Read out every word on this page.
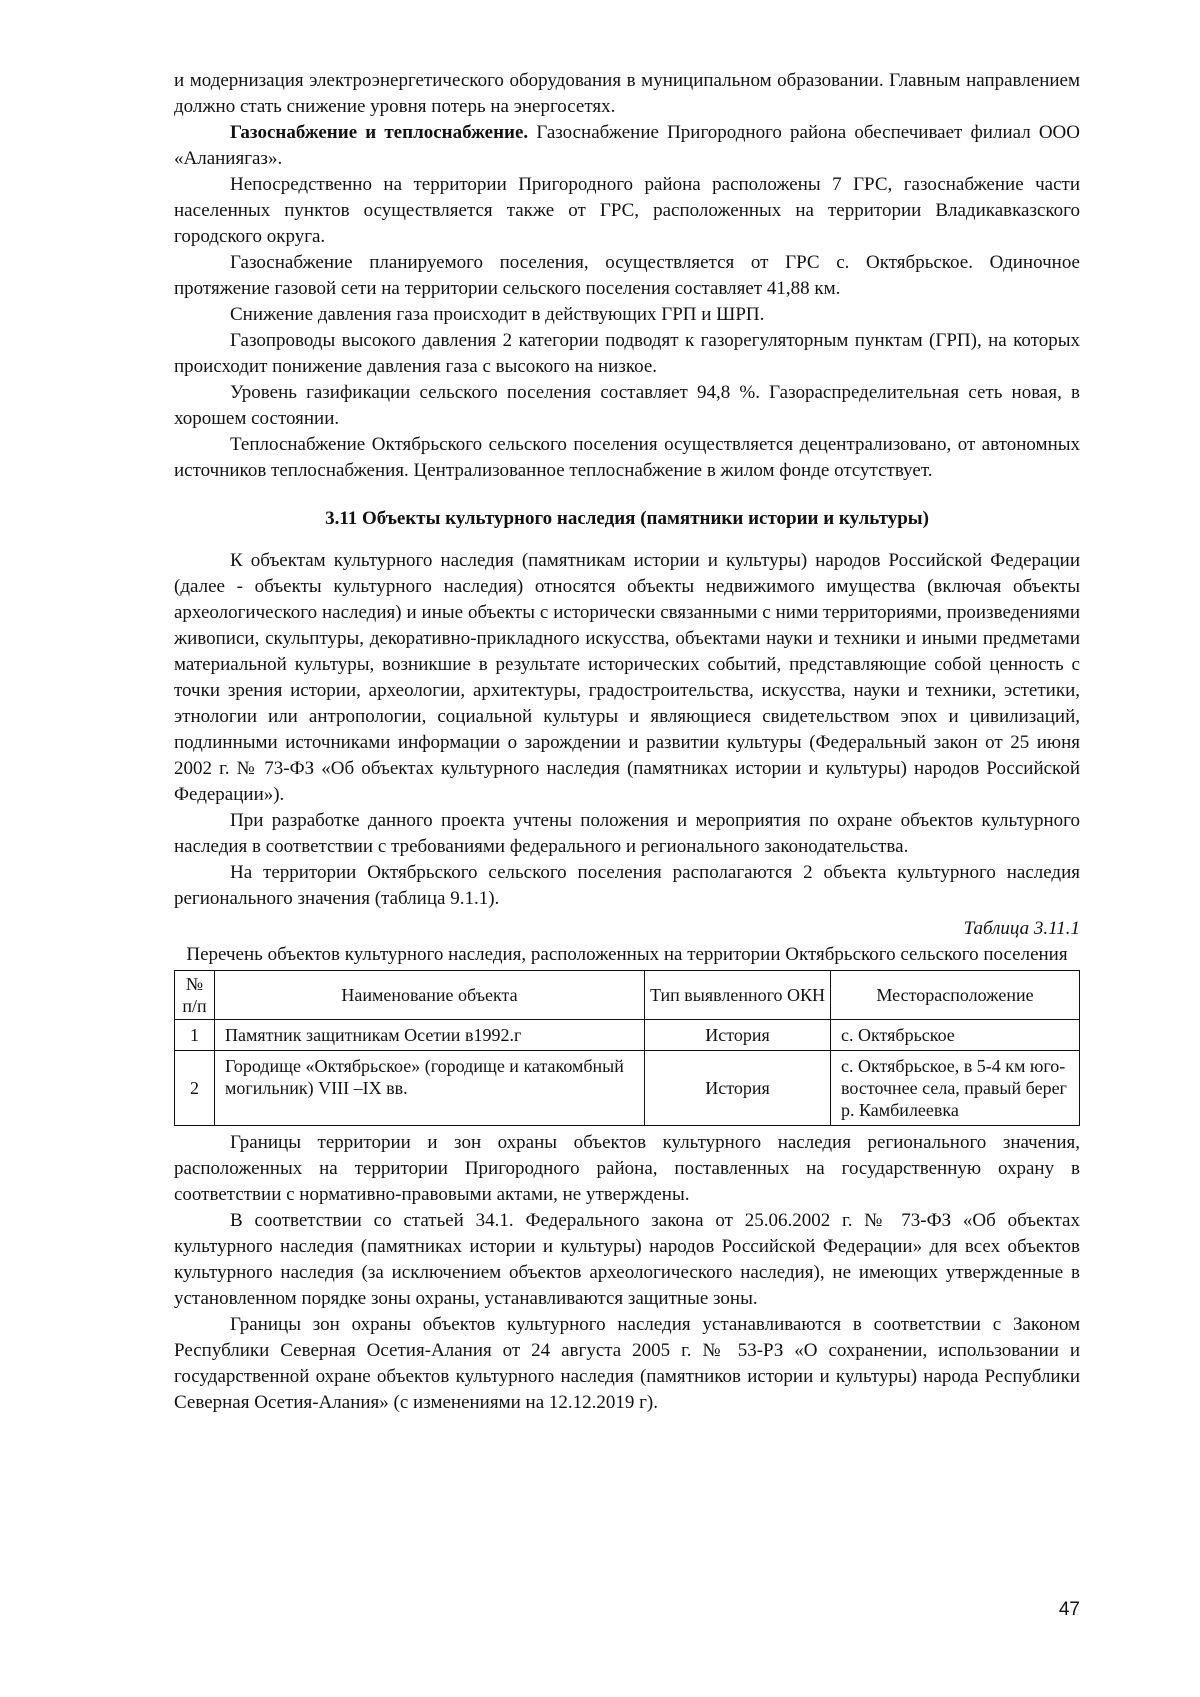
и модернизация электроэнергетического оборудования в муниципальном образовании. Главным направлением должно стать снижение уровня потерь на энергосетях.

Газоснабжение и теплоснабжение. Газоснабжение Пригородного района обеспечивает филиал ООО «Аланиягаз».

Непосредственно на территории Пригородного района расположены 7 ГРС, газоснабжение части населенных пунктов осуществляется также от ГРС, расположенных на территории Владикавказского городского округа.

Газоснабжение планируемого поселения, осуществляется от ГРС с. Октябрьское. Одиночное протяжение газовой сети на территории сельского поселения составляет 41,88 км.

Снижение давления газа происходит в действующих ГРП и ШРП.

Газопроводы высокого давления 2 категории подводят к газорегуляторным пунктам (ГРП), на которых происходит понижение давления газа с высокого на низкое.

Уровень газификации сельского поселения составляет 94,8 %. Газораспределительная сеть новая, в хорошем состоянии.

Теплоснабжение Октябрьского сельского поселения осуществляется децентрализовано, от автономных источников теплоснабжения. Централизованное теплоснабжение в жилом фонде отсутствует.

3.11 Объекты культурного наследия (памятники истории и культуры)

К объектам культурного наследия (памятникам истории и культуры) народов Российской Федерации (далее - объекты культурного наследия) относятся объекты недвижимого имущества (включая объекты археологического наследия) и иные объекты с исторически связанными с ними территориями, произведениями живописи, скульптуры, декоративно-прикладного искусства, объектами науки и техники и иными предметами материальной культуры, возникшие в результате исторических событий, представляющие собой ценность с точки зрения истории, археологии, архитектуры, градостроительства, искусства, науки и техники, эстетики, этнологии или антропологии, социальной культуры и являющиеся свидетельством эпох и цивилизаций, подлинными источниками информации о зарождении и развитии культуры (Федеральный закон от 25 июня 2002 г. № 73-ФЗ «Об объектах культурного наследия (памятниках истории и культуры) народов Российской Федерации»).

При разработке данного проекта учтены положения и мероприятия по охране объектов культурного наследия в соответствии с требованиями федерального и регионального законодательства.

На территории Октябрьского сельского поселения располагаются 2 объекта культурного наследия регионального значения (таблица 9.1.1).

Таблица 3.11.1
Перечень объектов культурного наследия, расположенных на территории Октябрьского сельского поселения
№ п/п	Наименование объекта	Тип выявленного ОКН	Месторасположение
1	Памятник защитникам Осетии в1992.г	История	с. Октябрьское
2	Городище «Октябрьское» (городище и катакомбный могильник) VIII –IX вв.	История	с. Октябрьское, в 5-4 км юго-восточнее села, правый берег р. Камбилеевка

Границы территории и зон охраны объектов культурного наследия регионального значения, расположенных на территории Пригородного района, поставленных на государственную охрану в соответствии с нормативно-правовыми актами, не утверждены.

В соответствии со статьей 34.1. Федерального закона от 25.06.2002 г. № 73-ФЗ «Об объектах культурного наследия (памятниках истории и культуры) народов Российской Федерации» для всех объектов культурного наследия (за исключением объектов археологического наследия), не имеющих утвержденные в установленном порядке зоны охраны, устанавливаются защитные зоны.

Границы зон охраны объектов культурного наследия устанавливаются в соответствии с Законом Республики Северная Осетия-Алания от 24 августа 2005 г. № 53-РЗ «О сохранении, использовании и государственной охране объектов культурного наследия (памятников истории и культуры) народа Республики Северная Осетия-Алания» (с изменениями на 12.12.2019 г).

47
